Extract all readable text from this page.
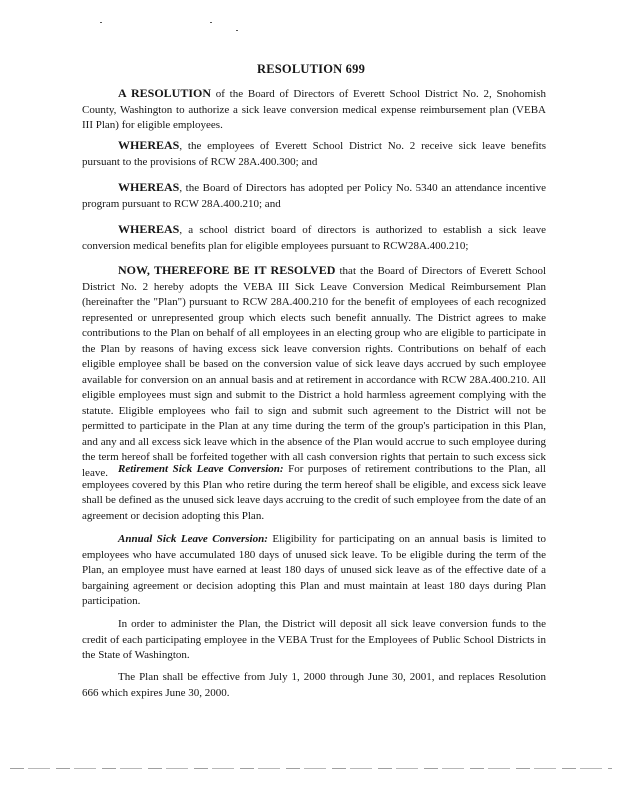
RESOLUTION 699

A RESOLUTION of the Board of Directors of Everett School District No. 2, Snohomish County, Washington to authorize a sick leave conversion medical expense reimbursement plan (VEBA III Plan) for eligible employees.

WHEREAS, the employees of Everett School District No. 2 receive sick leave benefits pursuant to the provisions of RCW 28A.400.300; and

WHEREAS, the Board of Directors has adopted per Policy No. 5340 an attendance incentive program pursuant to RCW 28A.400.210; and

WHEREAS, a school district board of directors is authorized to establish a sick leave conversion medical benefits plan for eligible employees pursuant to RCW28A.400.210;

NOW, THEREFORE BE IT RESOLVED that the Board of Directors of Everett School District No. 2 hereby adopts the VEBA III Sick Leave Conversion Medical Reimbursement Plan (hereinafter the "Plan") pursuant to RCW 28A.400.210 for the benefit of employees of each recognized represented or unrepresented group which elects such benefit annually. The District agrees to make contributions to the Plan on behalf of all employees in an electing group who are eligible to participate in the Plan by reasons of having excess sick leave conversion rights. Contributions on behalf of each eligible employee shall be based on the conversion value of sick leave days accrued by such employee available for conversion on an annual basis and at retirement in accordance with RCW 28A.400.210. All eligible employees must sign and submit to the District a hold harmless agreement complying with the statute. Eligible employees who fail to sign and submit such agreement to the District will not be permitted to participate in the Plan at any time during the term of the group's participation in this Plan, and any and all excess sick leave which in the absence of the Plan would accrue to such employee during the term hereof shall be forfeited together with all cash conversion rights that pertain to such excess sick leave. Retirement Sick Leave Conversion: For purposes of retirement contributions to the Plan, all employees covered by this Plan who retire during the term hereof shall be eligible, and excess sick leave shall be defined as the unused sick leave days accruing to the credit of such employee from the date of an agreement or decision adopting this Plan.

Annual Sick Leave Conversion: Eligibility for participating on an annual basis is limited to employees who have accumulated 180 days of unused sick leave. To be eligible during the term of the Plan, an employee must have earned at least 180 days of unused sick leave as of the effective date of a bargaining agreement or decision adopting this Plan and must maintain at least 180 days during Plan participation.

In order to administer the Plan, the District will deposit all sick leave conversion funds to the credit of each participating employee in the VEBA Trust for the Employees of Public School Districts in the State of Washington.

The Plan shall be effective from July 1, 2000 through June 30, 2001, and replaces Resolution 666 which expires June 30, 2000.
